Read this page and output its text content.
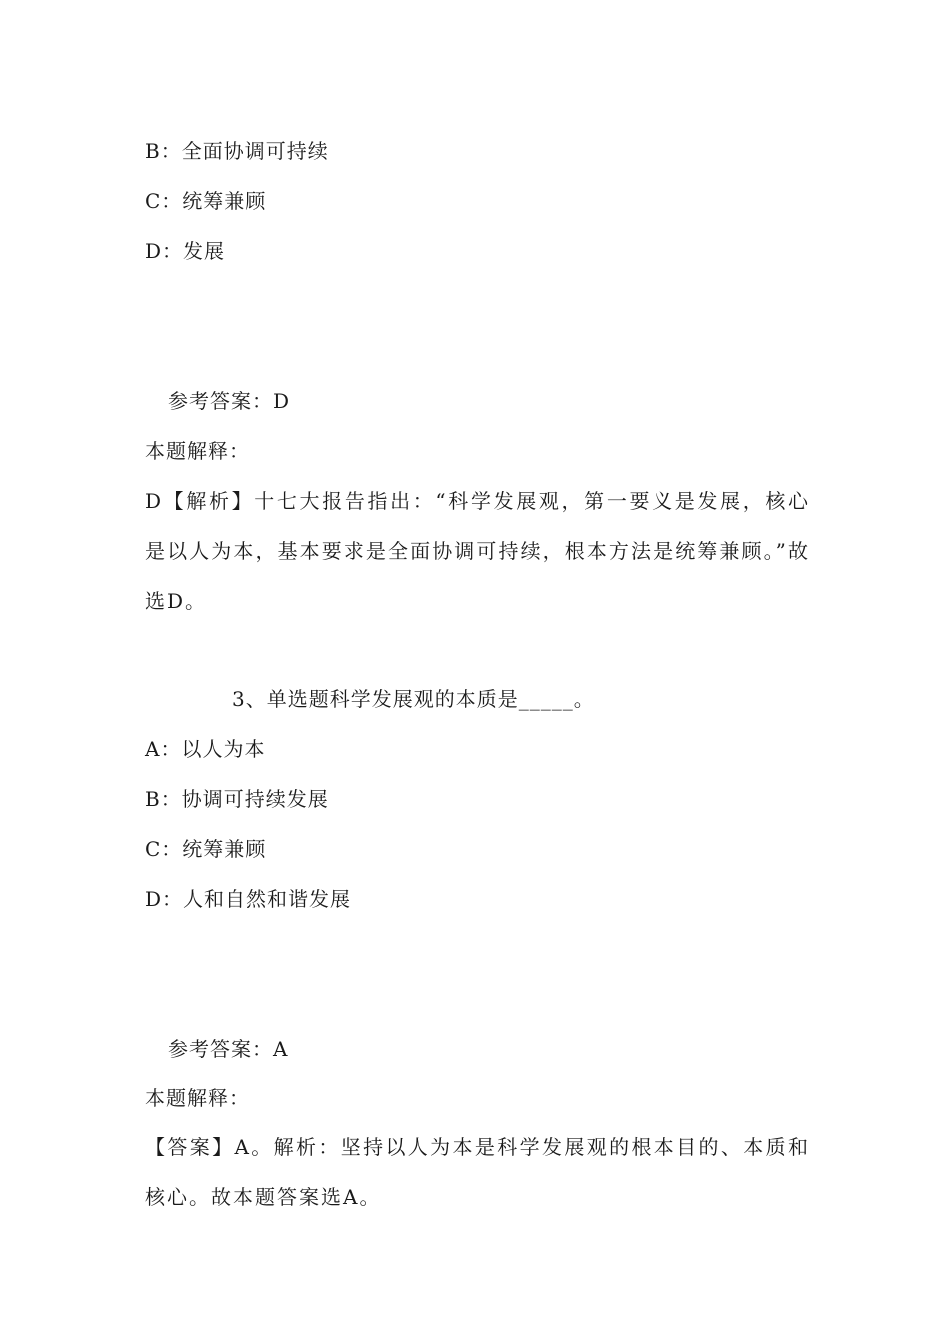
B：全面协调可持续
C：统筹兼顾
D：发展
参考答案：D
本题解释：
D【解析】十七大报告指出：“科学发展观，第一要义是发展，核心是以人为本，基本要求是全面协调可持续，根本方法是统筹兼顾。”故选D。
3、单选题科学发展观的本质是_____。
A：以人为本
B：协调可持续发展
C：统筹兼顾
D：人和自然和谐发展
参考答案：A
本题解释：
【答案】A。解析：坚持以人为本是科学发展观的根本目的、本质和核心。故本题答案选A。
